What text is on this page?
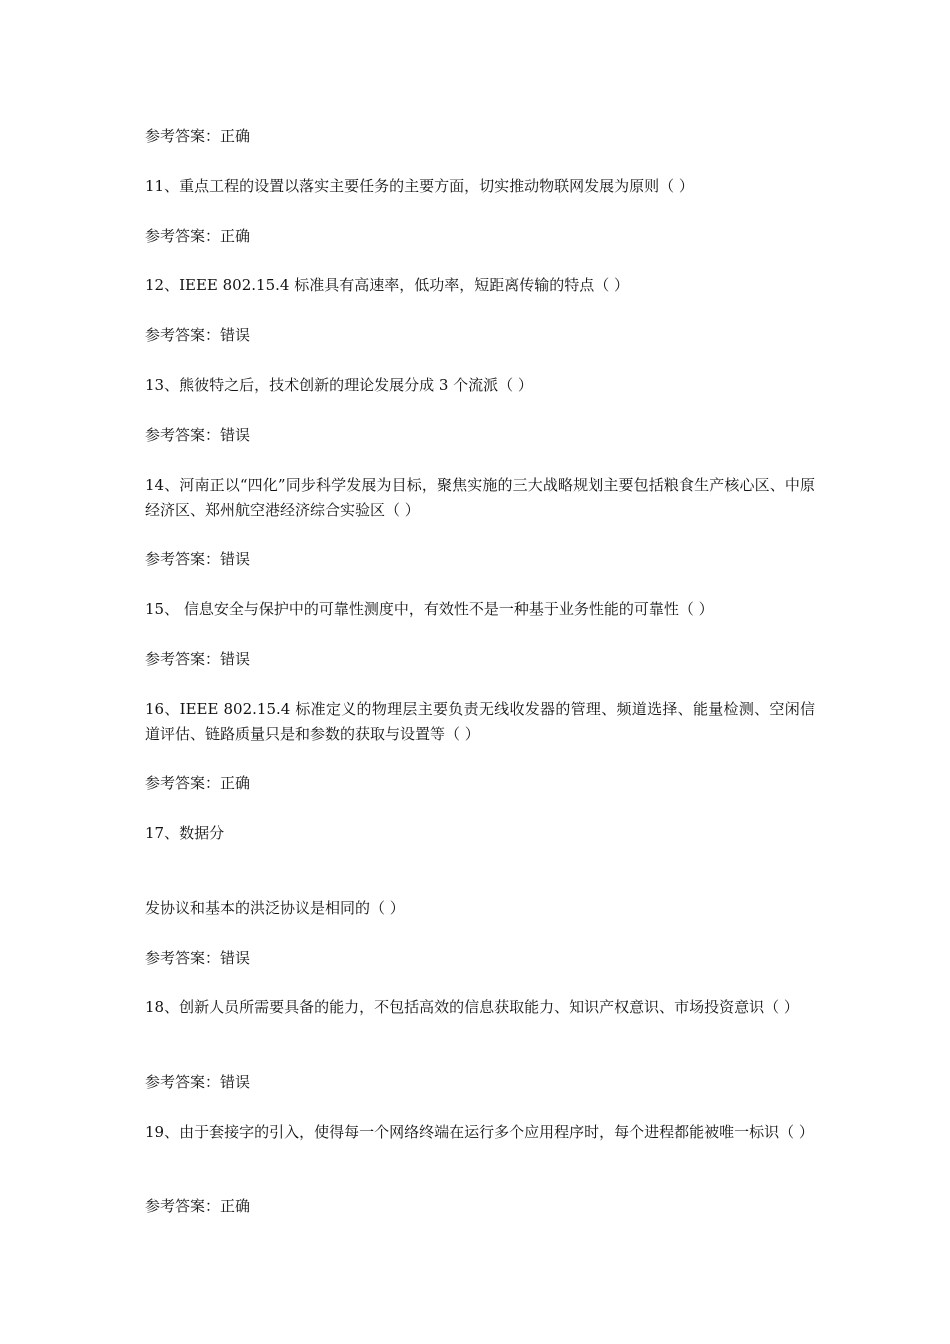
参考答案：正确
11、重点工程的设置以落实主要任务的主要方面，切实推动物联网发展为原则（ ）
参考答案：正确
12、IEEE 802.15.4 标准具有高速率，低功率，短距离传输的特点（ ）
参考答案：错误
13、熊彼特之后，技术创新的理论发展分成 3 个流派（ ）
参考答案：错误
14、河南正以“四化”同步科学发展为目标，聚焦实施的三大战略规划主要包括粮食生产核心区、中原经济区、郑州航空港经济综合实验区（ ）
参考答案：错误
15、 信息安全与保护中的可靠性测度中，有效性不是一种基于业务性能的可靠性（ ）
参考答案：错误
16、IEEE 802.15.4 标准定义的物理层主要负责无线收发器的管理、频道选择、能量检测、空闲信道评估、链路质量只是和参数的获取与设置等（ ）
参考答案：正确
17、数据分
发协议和基本的洪泛协议是相同的（ ）
参考答案：错误
18、创新人员所需要具备的能力，不包括高效的信息获取能力、知识产权意识、市场投资意识（ ）
参考答案：错误
19、由于套接字的引入，使得每一个网络终端在运行多个应用程序时，每个进程都能被唯一标识（ ）
参考答案：正确
